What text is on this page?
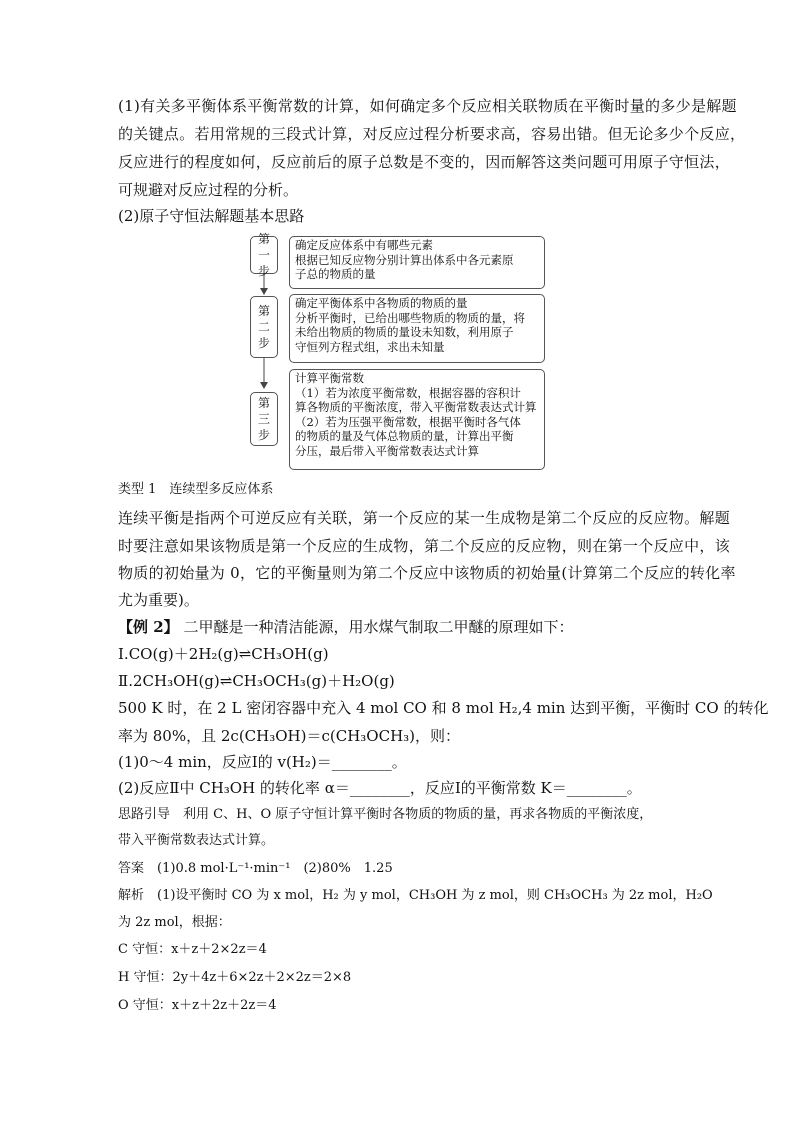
(1)有关多平衡体系平衡常数的计算，如何确定多个反应相关联物质在平衡时量的多少是解题
的关键点。若用常规的三段式计算，对反应过程分析要求高，容易出错。但无论多少个反应，
反应进行的程度如何，反应前后的原子总数是不变的，因而解答这类问题可用原子守恒法，
可规避对反应过程的分析。
(2)原子守恒法解题基本思路
第一步
确定反应体系中有哪些元素
根据已知反应物分别计算出体系中各元素原
子总的物质的量
第二步
确定平衡体系中各物质的物质的量
分析平衡时，已给出哪些物质的物质的量，将
未给出物质的物质的量设未知数，利用原子
守恒列方程式组，求出未知量
第三步
计算平衡常数
（1）若为浓度平衡常数，根据容器的容积计
算各物质的平衡浓度，带入平衡常数表达式计算
（2）若为压强平衡常数，根据平衡时各气体
的物质的量及气体总物质的量，计算出平衡
分压，最后带入平衡常数表达式计算
类型 1　连续型多反应体系
连续平衡是指两个可逆反应有关联，第一个反应的某一生成物是第二个反应的反应物。解题
时要注意如果该物质是第一个反应的生成物，第二个反应的反应物，则在第一个反应中，该
物质的初始量为 0，它的平衡量则为第二个反应中该物质的初始量(计算第二个反应的转化率
尤为重要)。
【例 2】 二甲醚是一种清洁能源，用水煤气制取二甲醚的原理如下：
Ⅰ.CO(g)＋2H₂(g)⇌CH₃OH(g)
Ⅱ.2CH₃OH(g)⇌CH₃OCH₃(g)＋H₂O(g)
500 K 时，在 2 L 密闭容器中充入 4 mol CO 和 8 mol H₂,4 min 达到平衡，平衡时 CO 的转化
率为 80%，且 2c(CH₃OH)＝c(CH₃OCH₃)，则：
(1)0～4 min，反应Ⅰ的 v(H₂)＝________。
(2)反应Ⅱ中 CH₃OH 的转化率 α＝________，反应Ⅰ的平衡常数 K＝________。
思路引导　 利用 C、H、O 原子守恒计算平衡时各物质的物质的量，再求各物质的平衡浓度，
带入平衡常数表达式计算。
答案　 (1)0.8 mol·L⁻¹·min⁻¹　(2)80%　1.25
解析　 (1)设平衡时 CO 为 x mol，H₂ 为 y mol，CH₃OH 为 z mol，则 CH₃OCH₃ 为 2z mol，H₂O
为 2z mol，根据：
C 守恒：x＋z＋2×2z＝4
H 守恒：2y＋4z＋6×2z＋2×2z＝2×8
O 守恒：x＋z＋2z＋2z＝4
